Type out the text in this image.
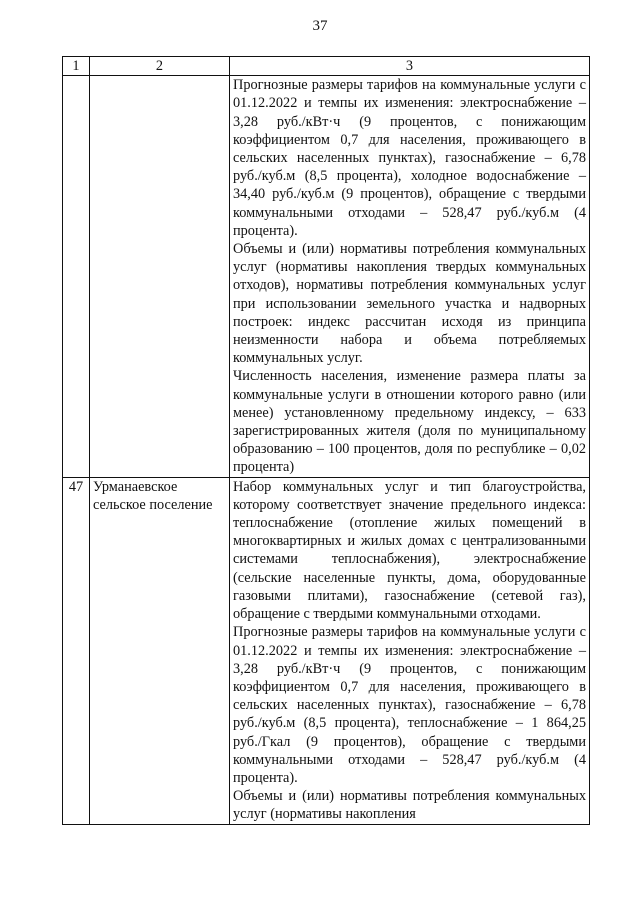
37
1	2	3

		Прогнозные размеры тарифов на коммунальные услуги с 01.12.2022 и темпы их изменения: электроснабжение – 3,28 руб./кВт·ч (9 процентов, с понижающим коэффициентом 0,7 для населения, проживающего в сельских населенных пунктах), газоснабжение – 6,78 руб./куб.м (8,5 процента), холодное водоснабжение – 34,40 руб./куб.м (9 процентов), обращение с твердыми коммунальными отходами – 528,47 руб./куб.м (4 процента).

Объемы и (или) нормативы потребления коммунальных услуг (нормативы накопления твердых коммунальных отходов), нормативы потребления коммунальных услуг при использовании земельного участка и надворных построек: индекс рассчитан исходя из принципа неизменности набора и объема потребляемых коммунальных услуг.

Численность населения, изменение размера платы за коммунальные услуги в отношении которого равно (или менее) установленному предельному индексу, – 633 зарегистрированных жителя (доля по муниципальному образованию – 100 процентов, доля по республике – 0,02 процента)

47	Урманаевское сельское поселение	Набор коммунальных услуг и тип благоустройства, которому соответствует значение предельного индекса: теплоснабжение (отопление жилых помещений в многоквартирных и жилых домах с централизованными системами теплоснабжения), электроснабжение (сельские населенные пункты, дома, оборудованные газовыми плитами), газоснабжение (сетевой газ), обращение с твердыми коммунальными отходами.

Прогнозные размеры тарифов на коммунальные услуги с 01.12.2022 и темпы их изменения: электроснабжение – 3,28 руб./кВт·ч (9 процентов, с понижающим коэффициентом 0,7 для населения, проживающего в сельских населенных пунктах), газоснабжение – 6,78 руб./куб.м (8,5 процента), теплоснабжение – 1 864,25 руб./Гкал (9 процентов), обращение с твердыми коммунальными отходами – 528,47 руб./куб.м (4 процента).

Объемы и (или) нормативы потребления коммунальных услуг (нормативы накопления
